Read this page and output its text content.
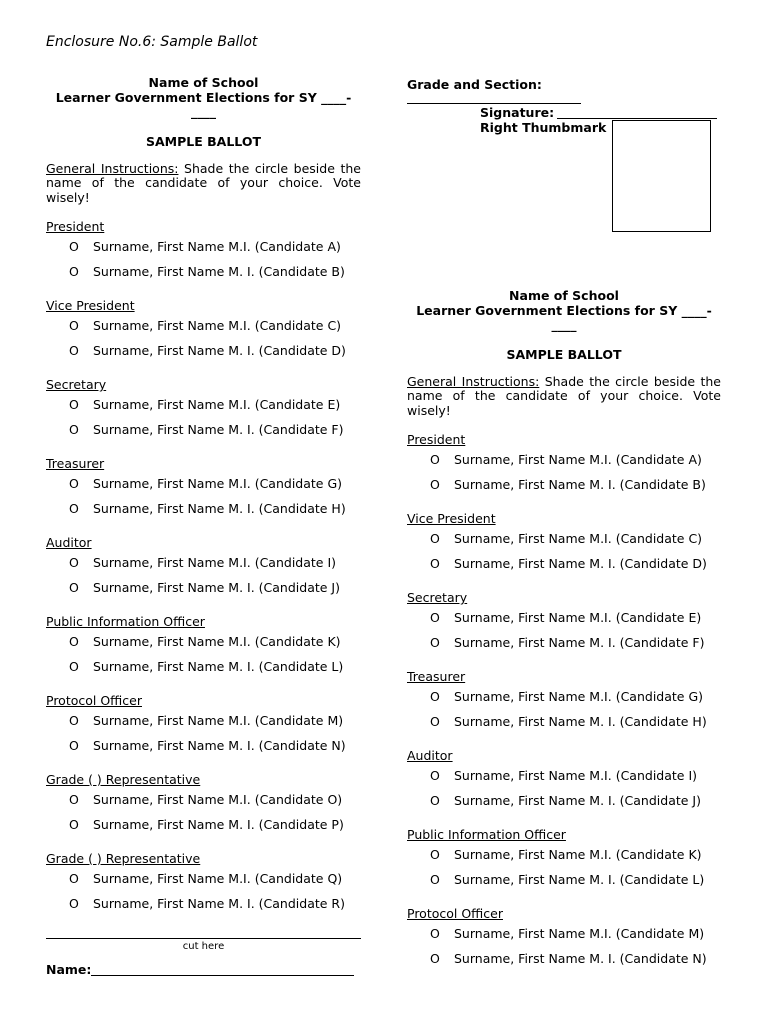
Enclosure No.6: Sample Ballot
Name of School
Learner Government Elections for SY ____-
____
SAMPLE BALLOT

General Instructions: Shade the circle beside the name of the candidate of your choice. Vote wisely!

President
O	Surname, First Name M.I. (Candidate A)
O	Surname, First Name M. I. (Candidate B)
Vice President
O	Surname, First Name M.I. (Candidate C)
O	Surname, First Name M. I. (Candidate D)
Secretary
O	Surname, First Name M.I. (Candidate E)
O	Surname, First Name M. I. (Candidate F)
Treasurer
O	Surname, First Name M.I. (Candidate G)
O	Surname, First Name M. I. (Candidate H)
Auditor
O	Surname, First Name M.I. (Candidate I)
O	Surname, First Name M. I. (Candidate J)
Public Information Officer
O	Surname, First Name M.I. (Candidate K)
O	Surname, First Name M. I. (Candidate L)
Protocol Officer
O	Surname, First Name M.I. (Candidate M)
O	Surname, First Name M. I. (Candidate N)
Grade ( ) Representative
O	Surname, First Name M.I. (Candidate O)
O	Surname, First Name M. I. (Candidate P)
Grade ( ) Representative
O	Surname, First Name M.I. (Candidate Q)
O	Surname, First Name M. I. (Candidate R)
cut here
Name:
Grade and Section:
Signature:
Right Thumbmark
Name of School
Learner Government Elections for SY ____-
____
SAMPLE BALLOT

General Instructions: Shade the circle beside the name of the candidate of your choice. Vote wisely!

President
O	Surname, First Name M.I. (Candidate A)
O	Surname, First Name M. I. (Candidate B)
Vice President
O	Surname, First Name M.I. (Candidate C)
O	Surname, First Name M. I. (Candidate D)
Secretary
O	Surname, First Name M.I. (Candidate E)
O	Surname, First Name M. I. (Candidate F)
Treasurer
O	Surname, First Name M.I. (Candidate G)
O	Surname, First Name M. I. (Candidate H)
Auditor
O	Surname, First Name M.I. (Candidate I)
O	Surname, First Name M. I. (Candidate J)
Public Information Officer
O	Surname, First Name M.I. (Candidate K)
O	Surname, First Name M. I. (Candidate L)
Protocol Officer
O	Surname, First Name M.I. (Candidate M)
O	Surname, First Name M. I. (Candidate N)
